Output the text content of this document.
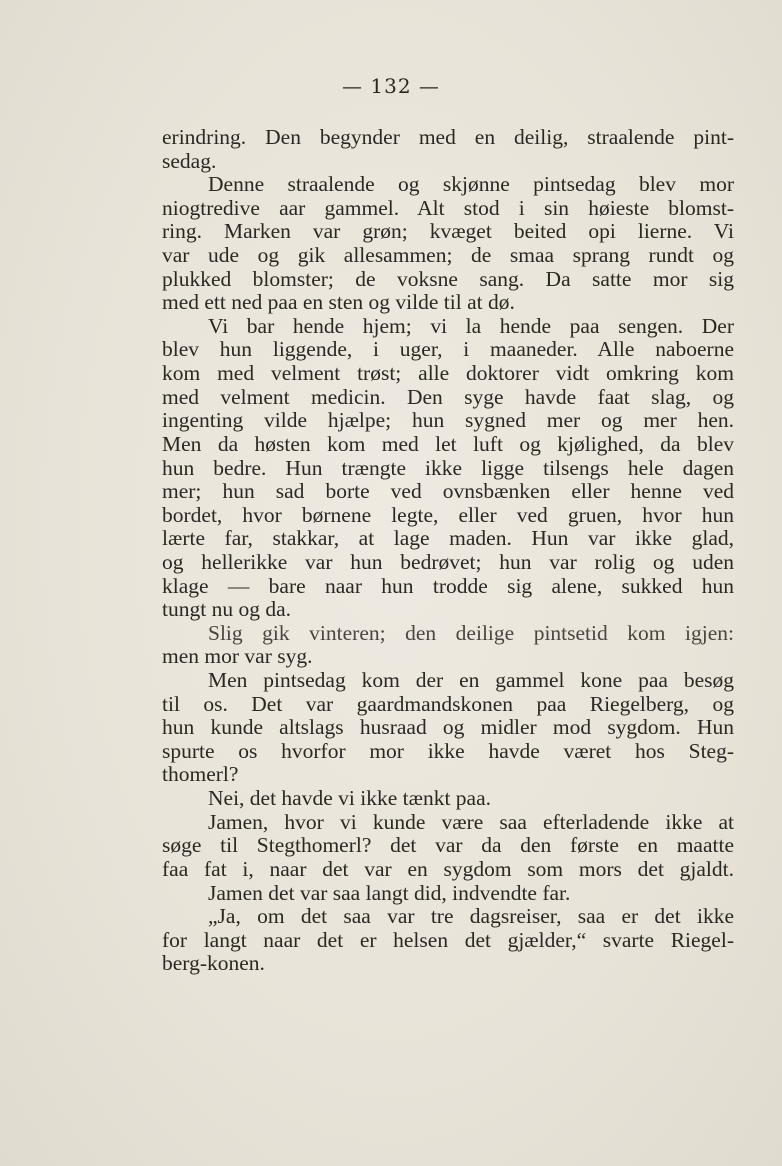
— 132 —
erindring. Den begynder med en deilig, straalende pint-
sedag.
Denne straalende og skjønne pintsedag blev mor
niogtredive aar gammel. Alt stod i sin høieste blomst-
ring. Marken var grøn; kvæget beited opi lierne. Vi
var ude og gik allesammen; de smaa sprang rundt og
plukked blomster; de voksne sang. Da satte mor sig
med ett ned paa en sten og vilde til at dø.
Vi bar hende hjem; vi la hende paa sengen. Der
blev hun liggende, i uger, i maaneder. Alle naboerne
kom med velment trøst; alle doktorer vidt omkring kom
med velment medicin. Den syge havde faat slag, og
ingenting vilde hjælpe; hun sygned mer og mer hen.
Men da høsten kom med let luft og kjølighed, da blev
hun bedre. Hun trængte ikke ligge tilsengs hele dagen
mer; hun sad borte ved ovnsbænken eller henne ved
bordet, hvor børnene legte, eller ved gruen, hvor hun
lærte far, stakkar, at lage maden. Hun var ikke glad,
og hellerikke var hun bedrøvet; hun var rolig og uden
klage — bare naar hun trodde sig alene, sukked hun
tungt nu og da.
Slig gik vinteren; den deilige pintsetid kom igjen:
men mor var syg.
Men pintsedag kom der en gammel kone paa besøg
til os. Det var gaardmandskonen paa Riegelberg, og
hun kunde altslags husraad og midler mod sygdom. Hun
spurte os hvorfor mor ikke havde været hos Steg-
thomerl?
Nei, det havde vi ikke tænkt paa.
Jamen, hvor vi kunde være saa efterladende ikke at
søge til Stegthomerl? det var da den første en maatte
faa fat i, naar det var en sygdom som mors det gjaldt.
Jamen det var saa langt did, indvendte far.
„Ja, om det saa var tre dagsreiser, saa er det ikke
for langt naar det er helsen det gjælder,“ svarte Riegel-
berg-konen.
